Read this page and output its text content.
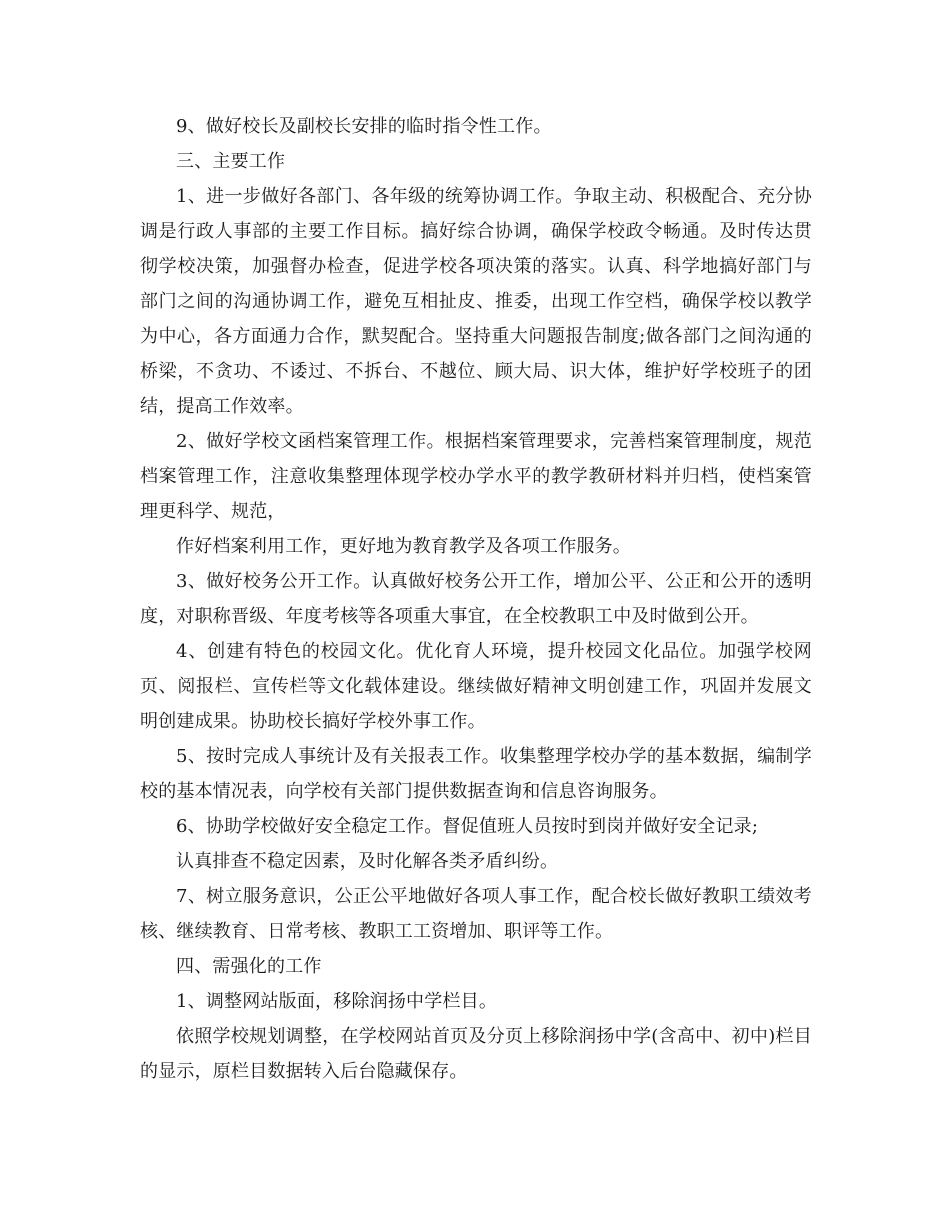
9、做好校长及副校长安排的临时指令性工作。

三、主要工作

1、进一步做好各部门、各年级的统筹协调工作。争取主动、积极配合、充分协调是行政人事部的主要工作目标。搞好综合协调，确保学校政令畅通。及时传达贯彻学校决策，加强督办检查，促进学校各项决策的落实。认真、科学地搞好部门与部门之间的沟通协调工作，避免互相扯皮、推委，出现工作空档，确保学校以教学为中心，各方面通力合作，默契配合。坚持重大问题报告制度;做各部门之间沟通的桥梁，不贪功、不诿过、不拆台、不越位、顾大局、识大体，维护好学校班子的团结，提高工作效率。

2、做好学校文函档案管理工作。根据档案管理要求，完善档案管理制度，规范档案管理工作，注意收集整理体现学校办学水平的教学教研材料并归档，使档案管理更科学、规范，

作好档案利用工作，更好地为教育教学及各项工作服务。

3、做好校务公开工作。认真做好校务公开工作，增加公平、公正和公开的透明度，对职称晋级、年度考核等各项重大事宜，在全校教职工中及时做到公开。

4、创建有特色的校园文化。优化育人环境，提升校园文化品位。加强学校网页、阅报栏、宣传栏等文化载体建设。继续做好精神文明创建工作，巩固并发展文明创建成果。协助校长搞好学校外事工作。

5、按时完成人事统计及有关报表工作。收集整理学校办学的基本数据，编制学校的基本情况表，向学校有关部门提供数据查询和信息咨询服务。

6、协助学校做好安全稳定工作。督促值班人员按时到岗并做好安全记录;

认真排查不稳定因素，及时化解各类矛盾纠纷。

7、树立服务意识，公正公平地做好各项人事工作，配合校长做好教职工绩效考核、继续教育、日常考核、教职工工资增加、职评等工作。

四、需强化的工作

1、调整网站版面，移除润扬中学栏目。

依照学校规划调整，在学校网站首页及分页上移除润扬中学(含高中、初中)栏目的显示，原栏目数据转入后台隐藏保存。
